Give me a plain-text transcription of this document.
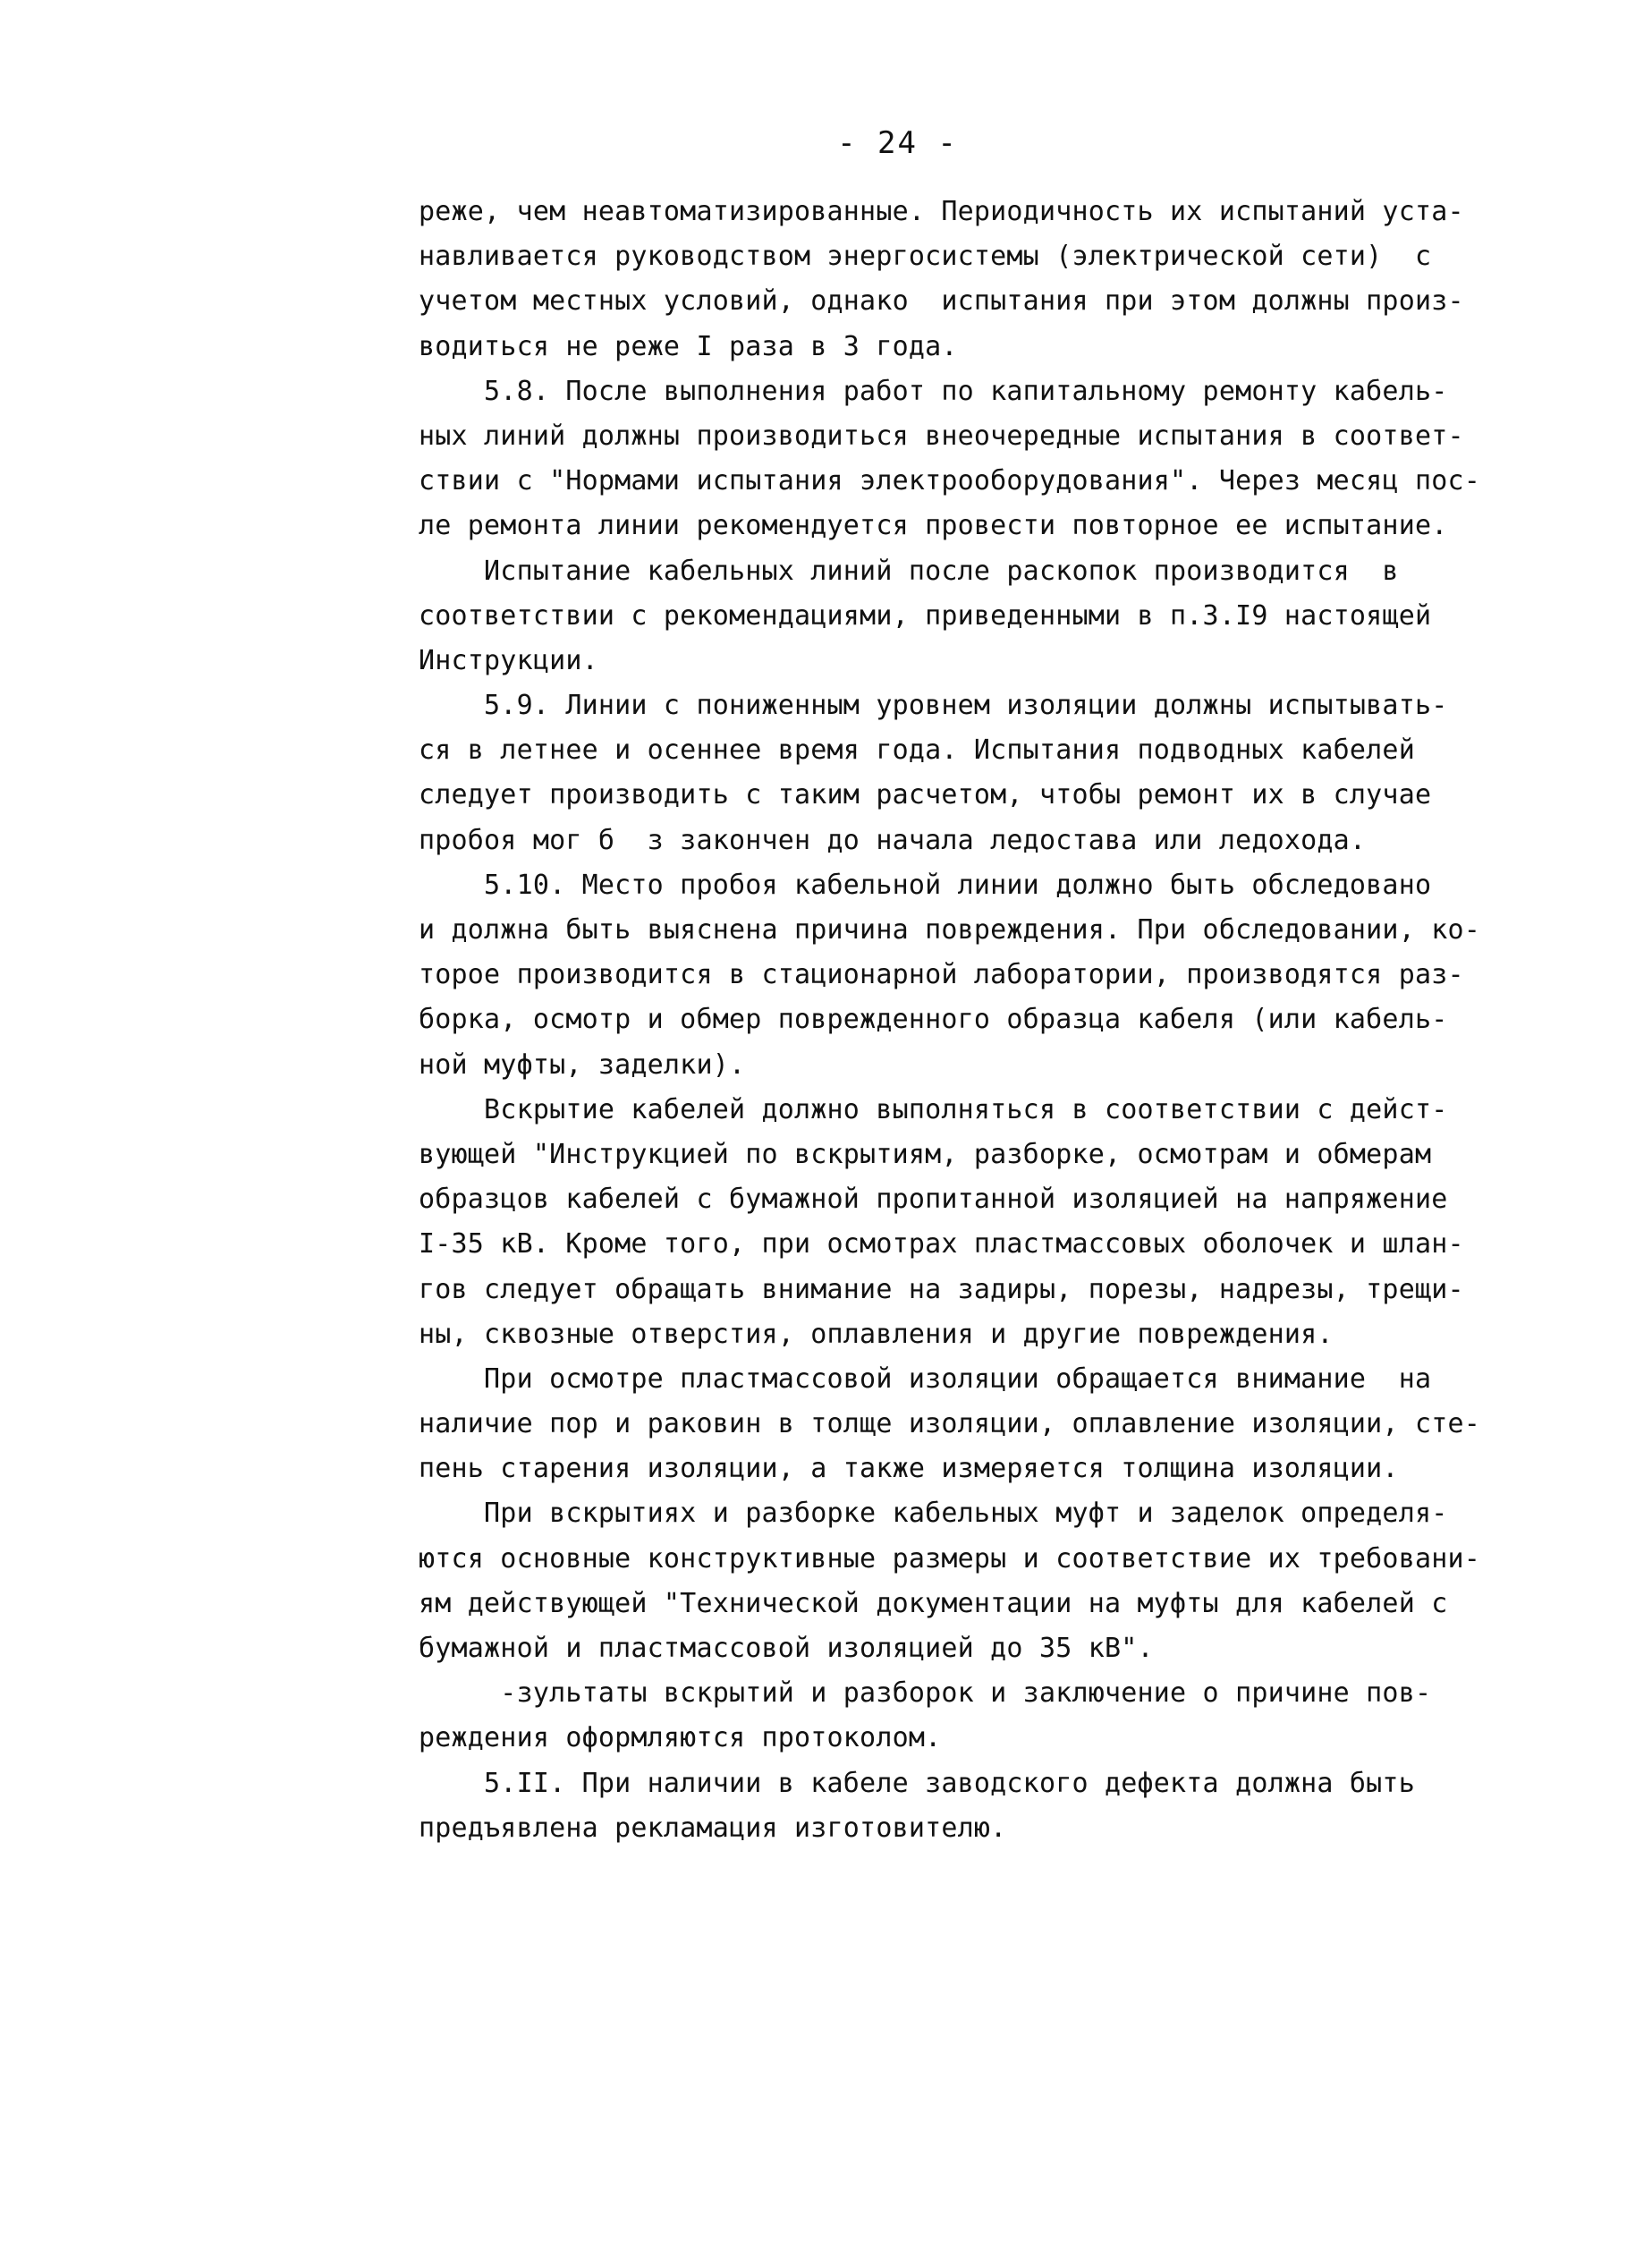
- 24 -
реже, чем неавтоматизированные. Периодичность их испытаний уста-
навливается руководством энергосистемы (электрической сети)  с
учетом местных условий, однако  испытания при этом должны произ-
водиться не реже I раза в 3 года.
5.8. После выполнения работ по капитальному ремонту кабель-
ных линий должны производиться внеочередные испытания в соответ-
ствии с "Нормами испытания электрооборудования". Через месяц пос-
ле ремонта линии рекомендуется провести повторное ее испытание.
Испытание кабельных линий после раскопок производится  в
соответствии с рекомендациями, приведенными в п.3.I9 настоящей
Инструкции.
5.9. Линии с пониженным уровнем изоляции должны испытывать-
ся в летнее и осеннее время года. Испытания подводных кабелей
следует производить с таким расчетом, чтобы ремонт их в случае
пробоя мог б  з закончен до начала ледостава или ледохода.
5.10. Место пробоя кабельной линии должно быть обследовано
и должна быть выяснена причина повреждения. При обследовании, ко-
торое производится в стационарной лаборатории, производятся раз-
борка, осмотр и обмер поврежденного образца кабеля (или кабель-
ной муфты, заделки).
Вскрытие кабелей должно выполняться в соответствии с дейст-
вующей "Инструкцией по вскрытиям, разборке, осмотрам и обмерам
образцов кабелей с бумажной пропитанной изоляцией на напряжение
I-35 кВ. Кроме того, при осмотрах пластмассовых оболочек и шлан-
гов следует обращать внимание на задиры, порезы, надрезы, трещи-
ны, сквозные отверстия, оплавления и другие повреждения.
При осмотре пластмассовой изоляции обращается внимание  на
наличие пор и раковин в толще изоляции, оплавление изоляции, сте-
пень старения изоляции, а также измеряется толщина изоляции.
При вскрытиях и разборке кабельных муфт и заделок определя-
ются основные конструктивные размеры и соответствие их требовани-
ям действующей "Технической документации на муфты для кабелей с
бумажной и пластмассовой изоляцией до 35 кВ".
-зультаты вскрытий и разборок и заключение о причине пов-
реждения оформляются протоколом.
5.II. При наличии в кабеле заводского дефекта должна быть
предъявлена рекламация изготовителю.
